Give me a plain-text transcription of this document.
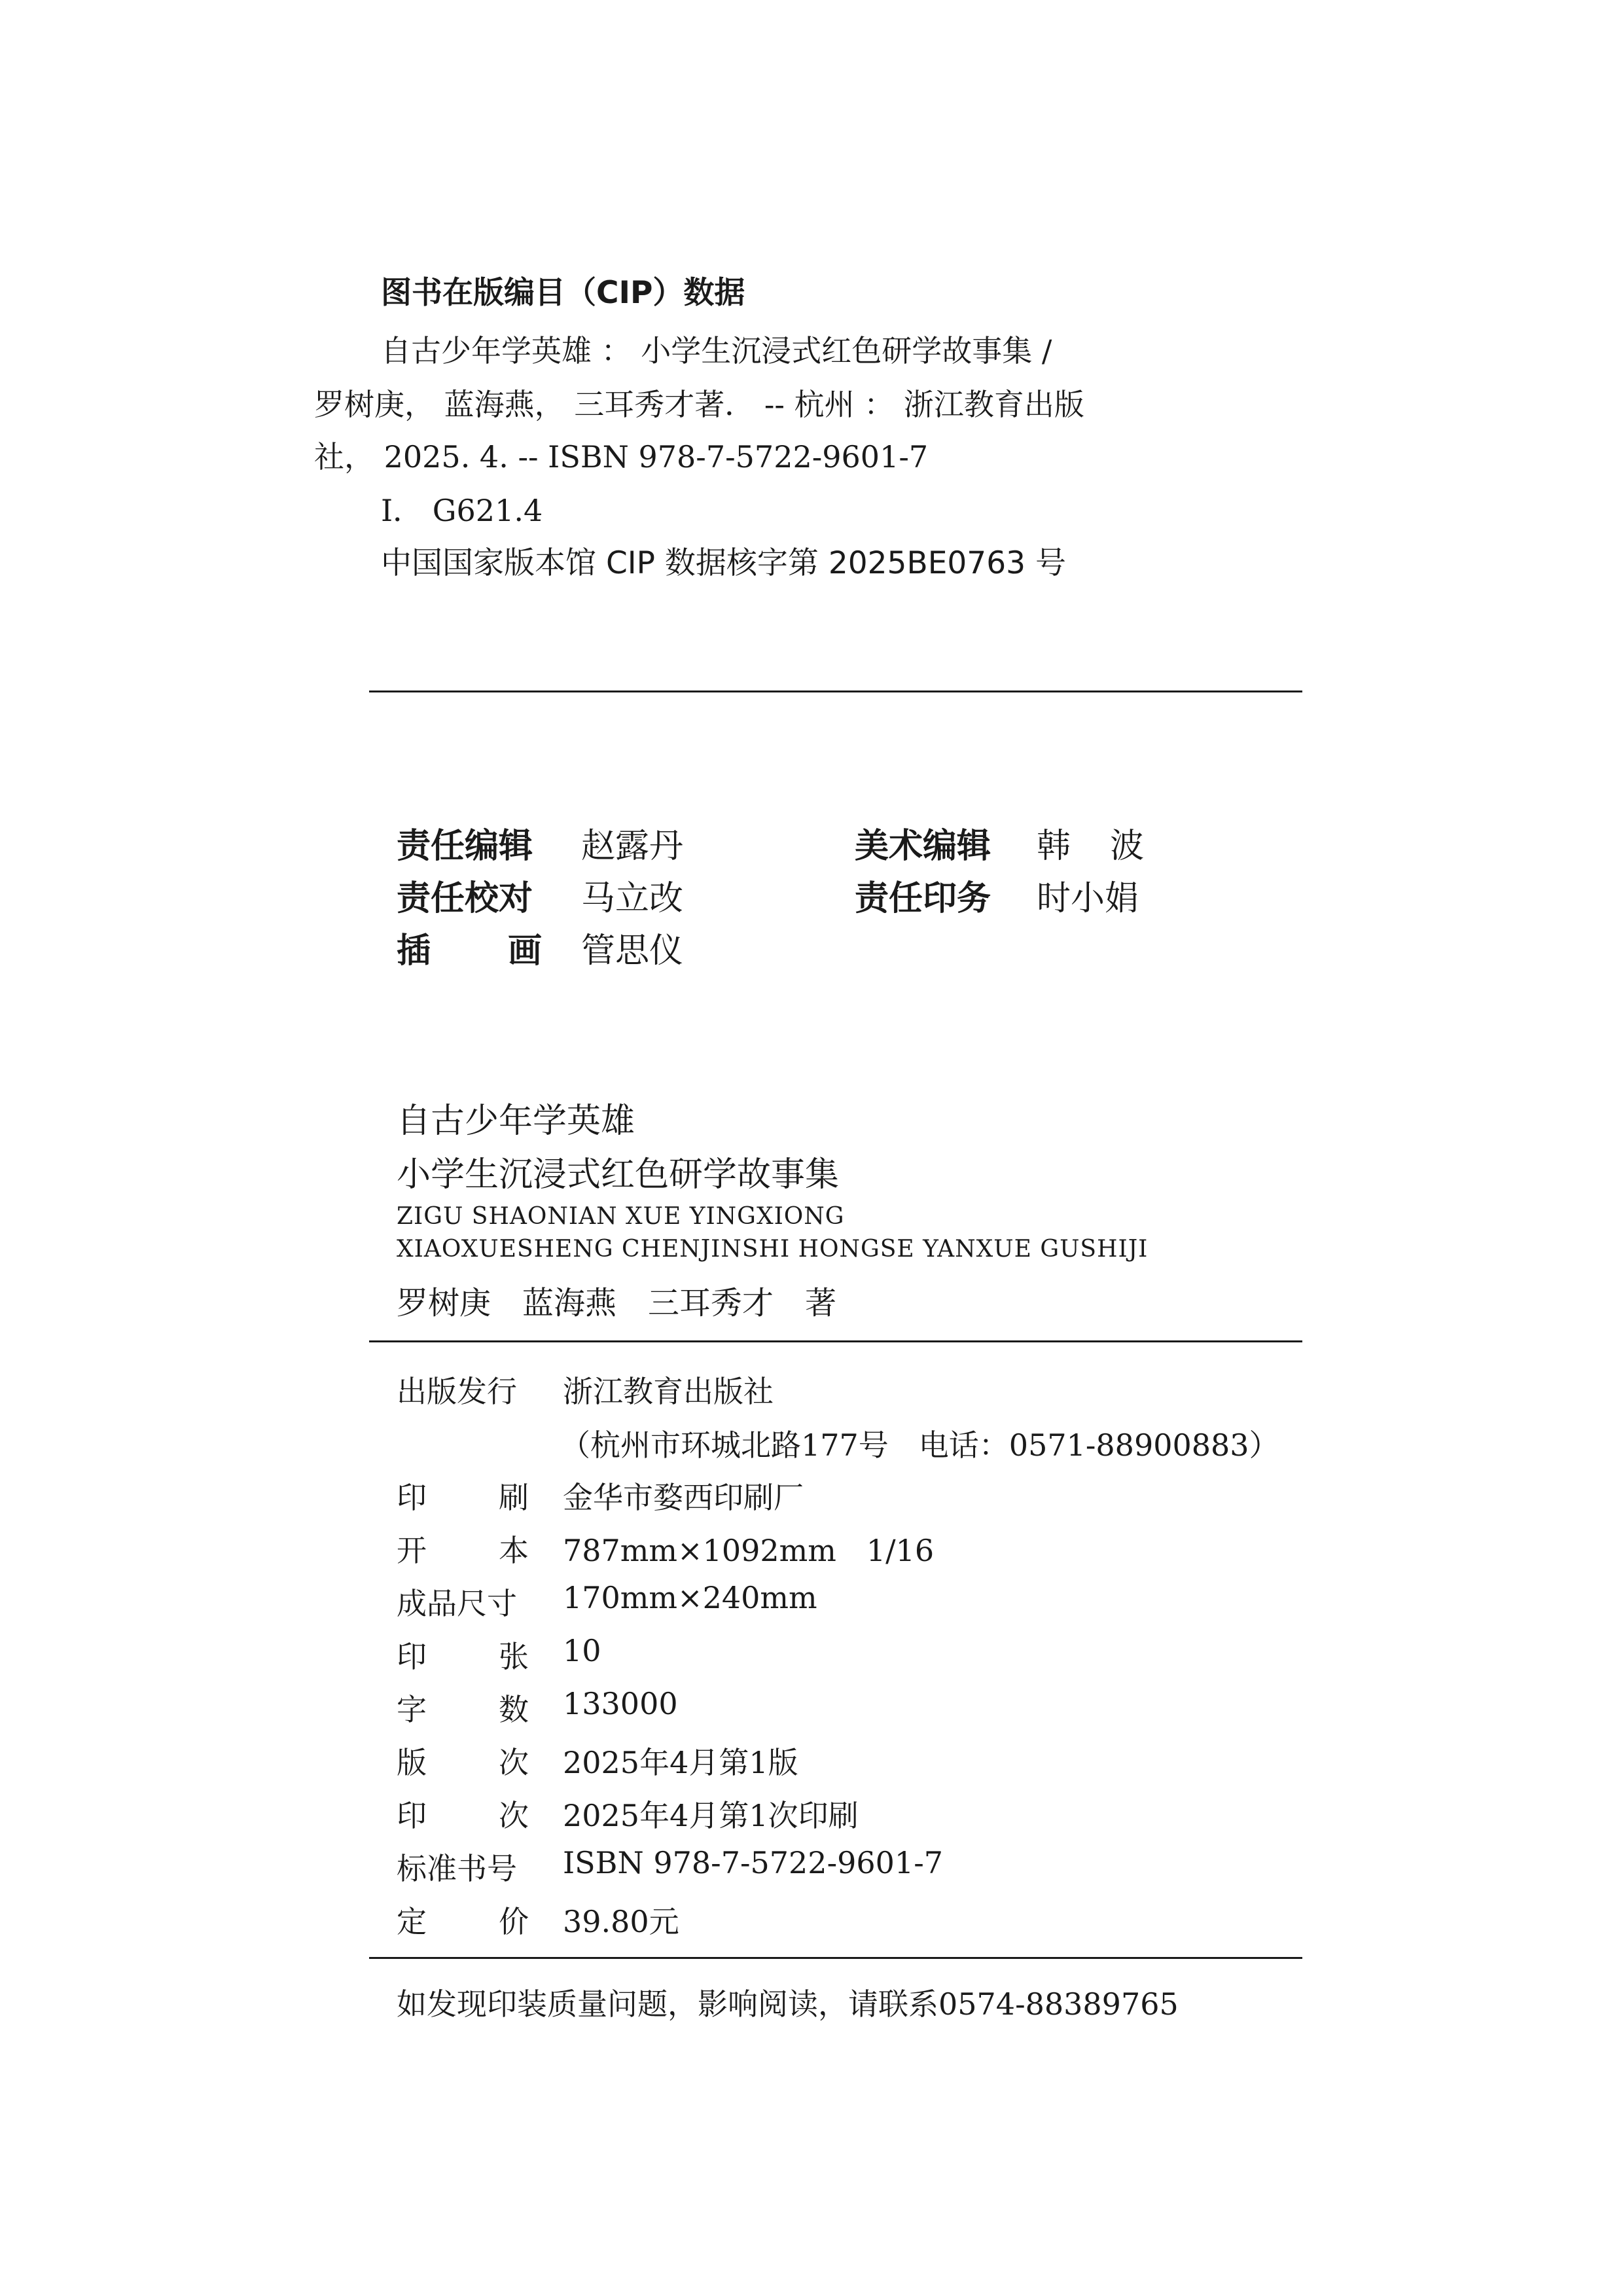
图书在版编目（CIP）数据
自古少年学英雄 ： 小学生沉浸式红色研学故事集 /
罗树庚， 蓝海燕， 三耳秀才著． -- 杭州 ： 浙江教育出版
社， 2025. 4. -- ISBN 978-7-5722-9601-7
Ⅰ． G621.4
中国国家版本馆 CIP 数据核字第 2025BE0763 号
责任编辑 赵露丹	美术编辑 韩 波
责任校对 马立改	责任印务 时小娟
插 画 管思仪
自古少年学英雄
小学生沉浸式红色研学故事集
ZIGU SHAONIAN XUE YINGXIONG
XIAOXUESHENG CHENJINSHI HONGSE YANXUE GUSHIJI
罗树庚　蓝海燕　三耳秀才　著
出版发行 浙江教育出版社
（杭州市环城北路177号　电话：0571-88900883）
印 刷 金华市婺西印刷厂
开 本 787mm×1092mm　1/16
成品尺寸 170mm×240mm
印 张 10
字 数 133000
版 次 2025年4月第1版
印 次 2025年4月第1次印刷
标准书号 ISBN 978-7-5722-9601-7
定 价 39.80元
如发现印装质量问题，影响阅读，请联系0574-88389765
